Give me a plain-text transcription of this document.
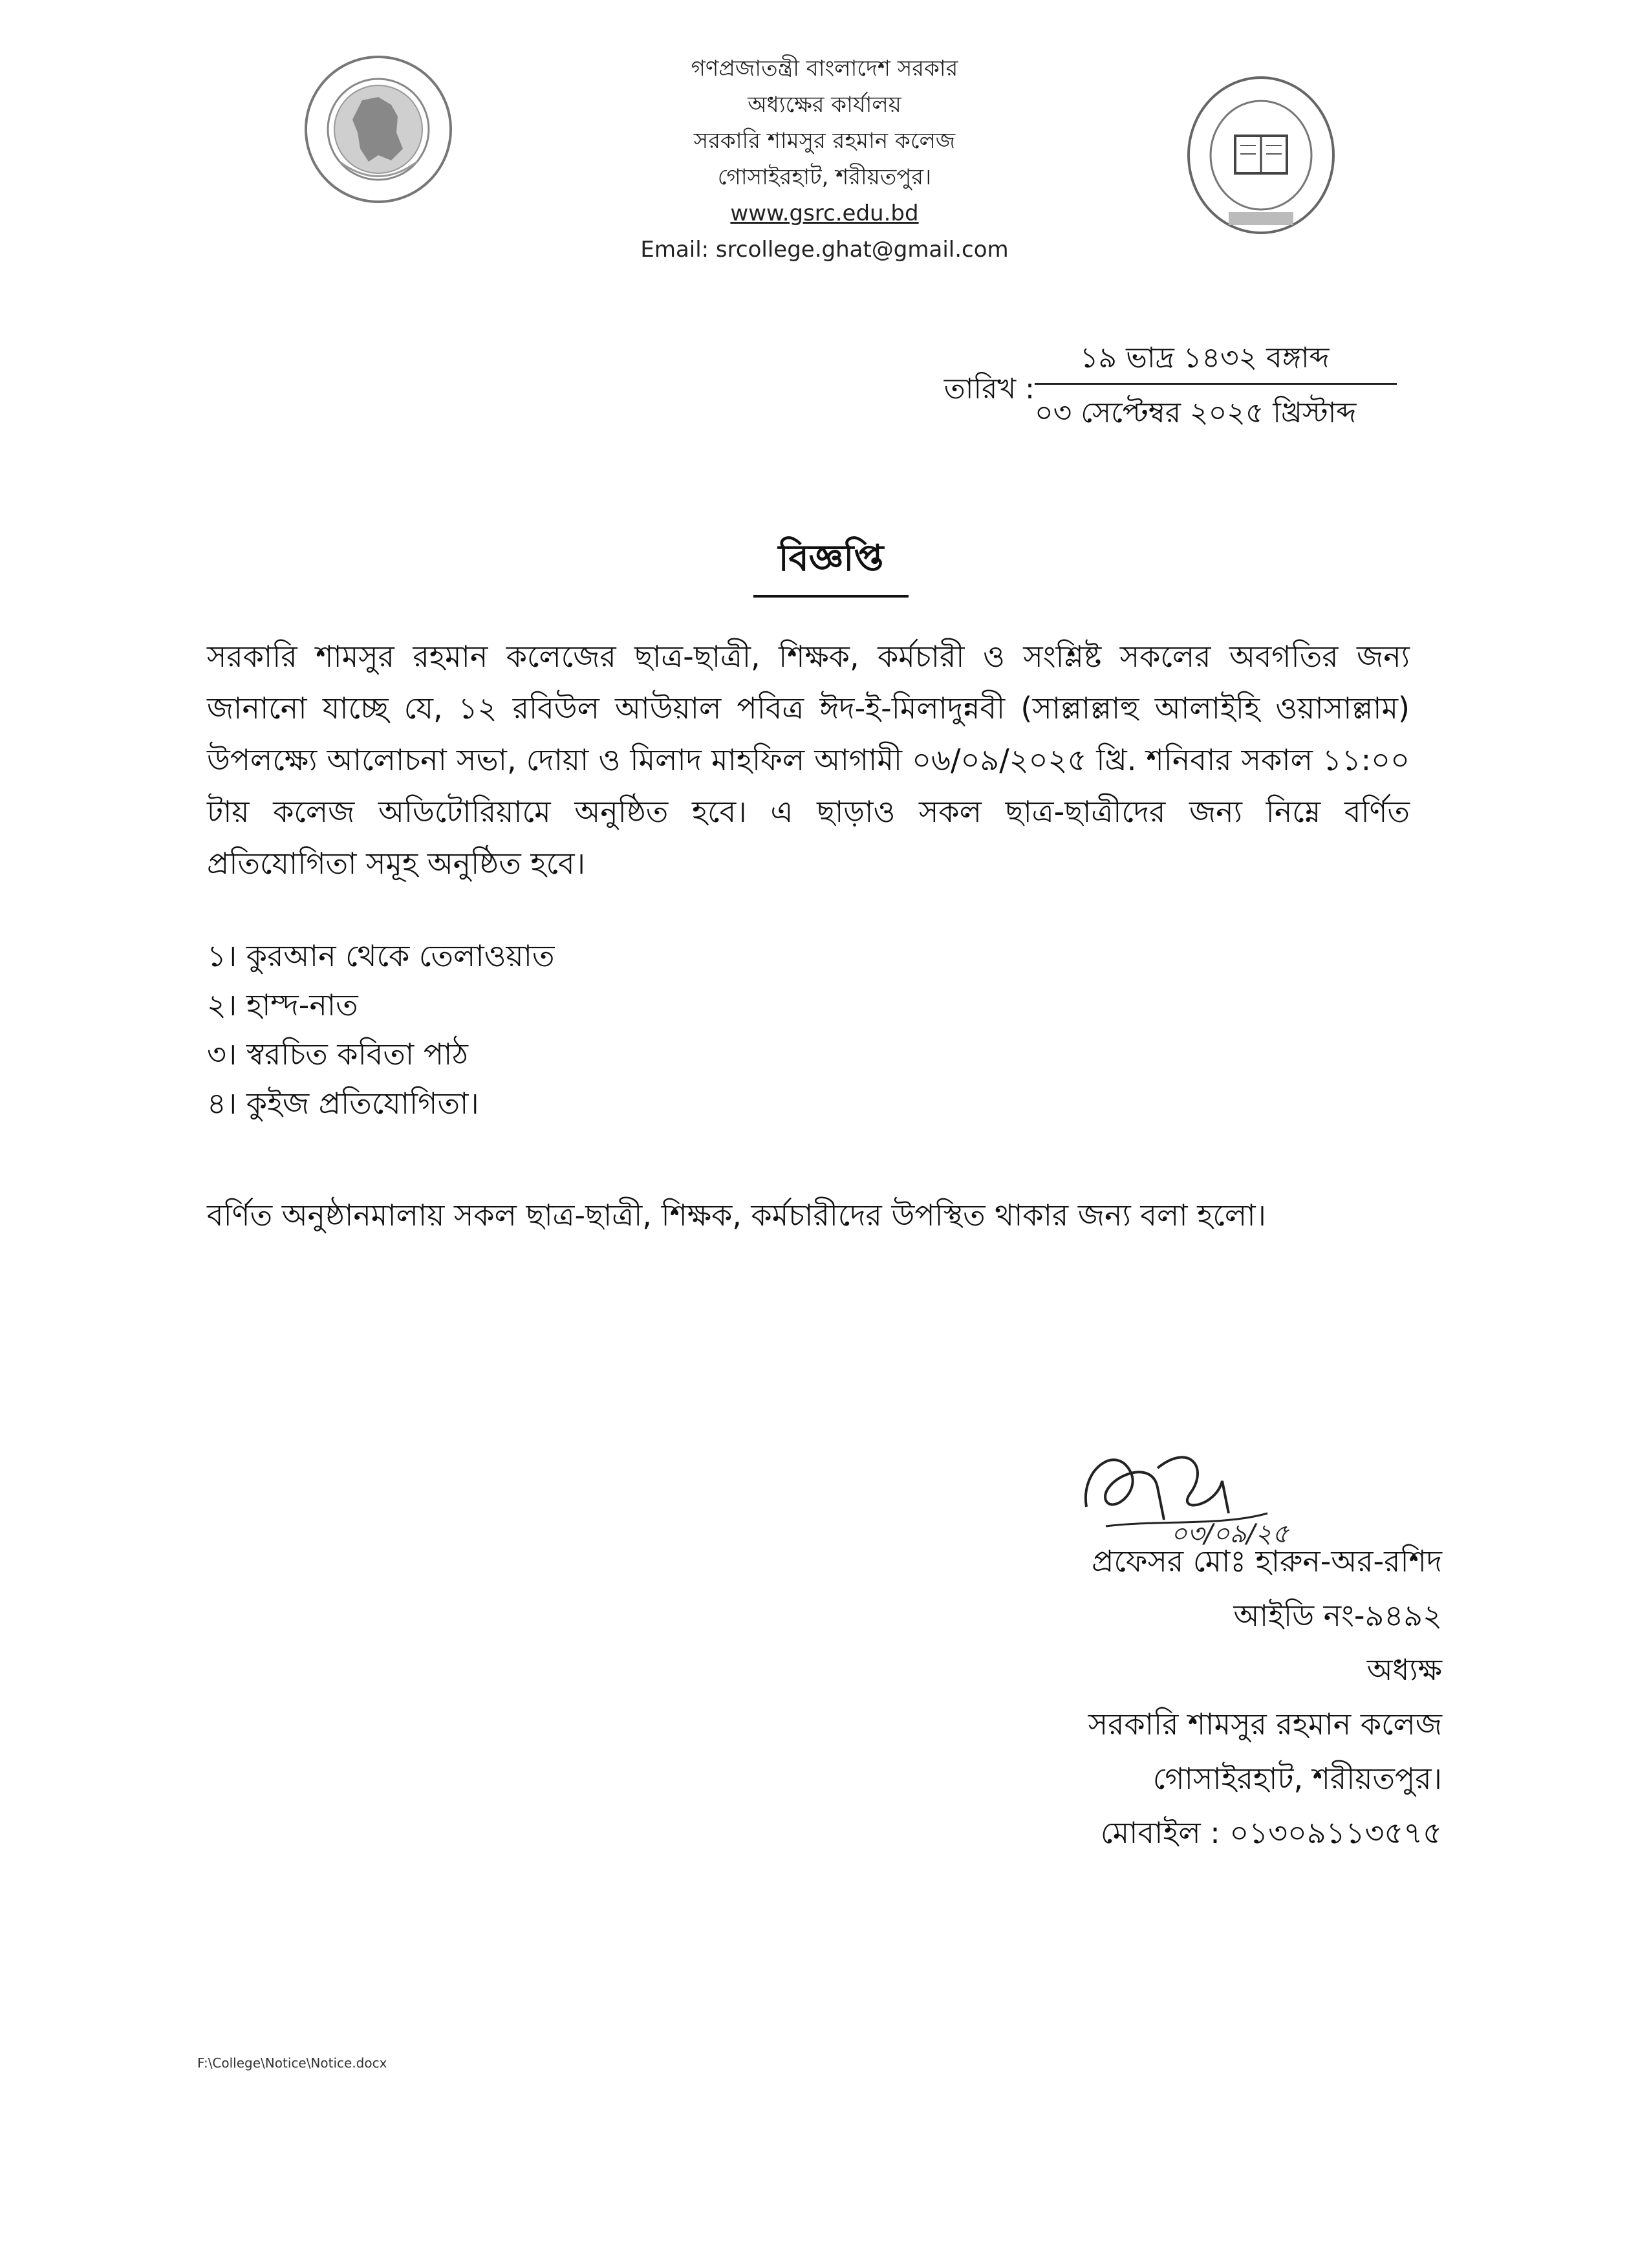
গণপ্রজাতন্ত্রী বাংলাদেশ সরকার
অধ্যক্ষের কার্যালয়
সরকারি শামসুর রহমান কলেজ
গোসাইরহাট, শরীয়তপুর।
www.gsrc.edu.bd
Email: srcollege.ghat@gmail.com
তারিখ :
১৯ ভাদ্র ১৪৩২ বঙ্গাব্দ
০৩ সেপ্টেম্বর ২০২৫ খ্রিস্টাব্দ
বিজ্ঞপ্তি
সরকারি শামসুর রহমান কলেজের ছাত্র-ছাত্রী, শিক্ষক, কর্মচারী ও সংশ্লিষ্ট সকলের অবগতির জন্য জানানো যাচ্ছে যে, ১২ রবিউল আউয়াল পবিত্র ঈদ-ই-মিলাদুন্নবী (সাল্লাল্লাহু আলাইহি ওয়াসাল্লাম) উপলক্ষ্যে আলোচনা সভা, দোয়া ও মিলাদ মাহফিল আগামী ০৬/০৯/২০২৫ খ্রি. শনিবার সকাল ১১:০০ টায় কলেজ অডিটোরিয়ামে অনুষ্ঠিত হবে। এ ছাড়াও সকল ছাত্র-ছাত্রীদের জন্য নিম্নে বর্ণিত প্রতিযোগিতা সমূহ অনুষ্ঠিত হবে।
১। কুরআন থেকে তেলাওয়াত
২। হাম্দ-নাত
৩। স্বরচিত কবিতা পাঠ
৪। কুইজ প্রতিযোগিতা।
বর্ণিত অনুষ্ঠানমালায় সকল ছাত্র-ছাত্রী, শিক্ষক, কর্মচারীদের উপস্থিত থাকার জন্য বলা হলো।
০৩/০৯/২৫
প্রফেসর মোঃ হারুন-অর-রশিদ
আইডি নং-৯৪৯২
অধ্যক্ষ
সরকারি শামসুর রহমান কলেজ
গোসাইরহাট, শরীয়তপুর।
মোবাইল : ০১৩০৯১১৩৫৭৫
F:\College\Notice\Notice.docx
